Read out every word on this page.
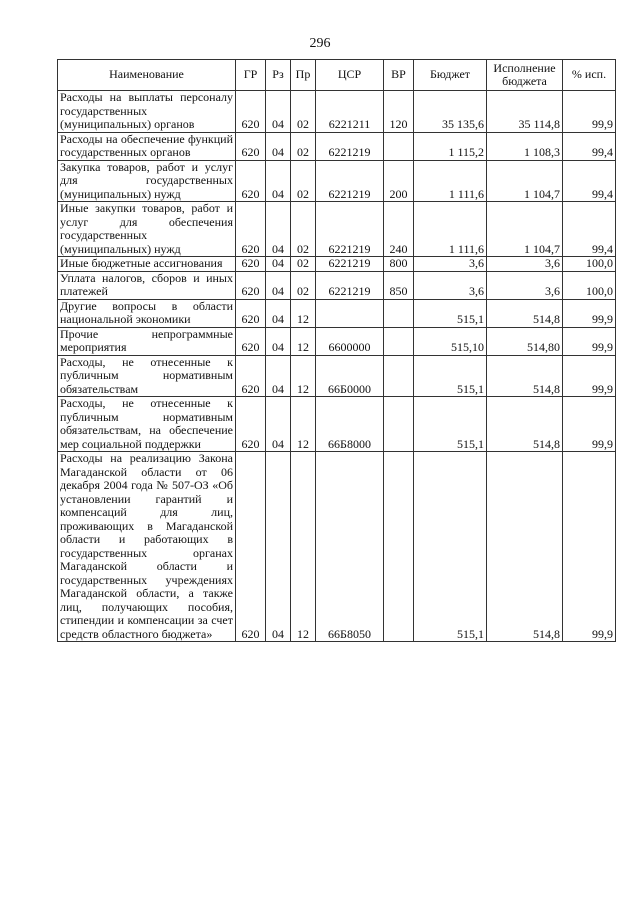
296
Наименование	ГР	Рз	Пр	ЦСР	ВР	Бюджет	Исполнение бюджета	% исп.
Расходы на выплаты персоналу государственных (муниципальных) органов	620	04	02	6221211	120	35 135,6	35 114,8	99,9
Расходы на обеспечение функций государственных органов	620	04	02	6221219		1 115,2	1 108,3	99,4
Закупка товаров, работ и услуг для государственных (муниципальных) нужд	620	04	02	6221219	200	1 111,6	1 104,7	99,4
Иные закупки товаров, работ и услуг для обеспечения государственных (муниципальных) нужд	620	04	02	6221219	240	1 111,6	1 104,7	99,4
Иные бюджетные ассигнования	620	04	02	6221219	800	3,6	3,6	100,0
Уплата налогов, сборов и иных платежей	620	04	02	6221219	850	3,6	3,6	100,0
Другие вопросы в области национальной экономики	620	04	12			515,1	514,8	99,9
Прочие непрограммные мероприятия	620	04	12	6600000		515,10	514,80	99,9
Расходы, не отнесенные к публичным нормативным обязательствам	620	04	12	66Б0000		515,1	514,8	99,9
Расходы, не отнесенные к публичным нормативным обязательствам, на обеспечение мер социальной поддержки	620	04	12	66Б8000		515,1	514,8	99,9
Расходы на реализацию Закона Магаданской области от 06 декабря 2004 года № 507-ОЗ «Об установлении гарантий и компенсаций для лиц, проживающих в Магаданской области и работающих в государственных органах Магаданской области и государственных учреждениях Магаданской области, а также лиц, получающих пособия, стипендии и компенсации за счет средств областного бюджета»	620	04	12	66Б8050		515,1	514,8	99,9
